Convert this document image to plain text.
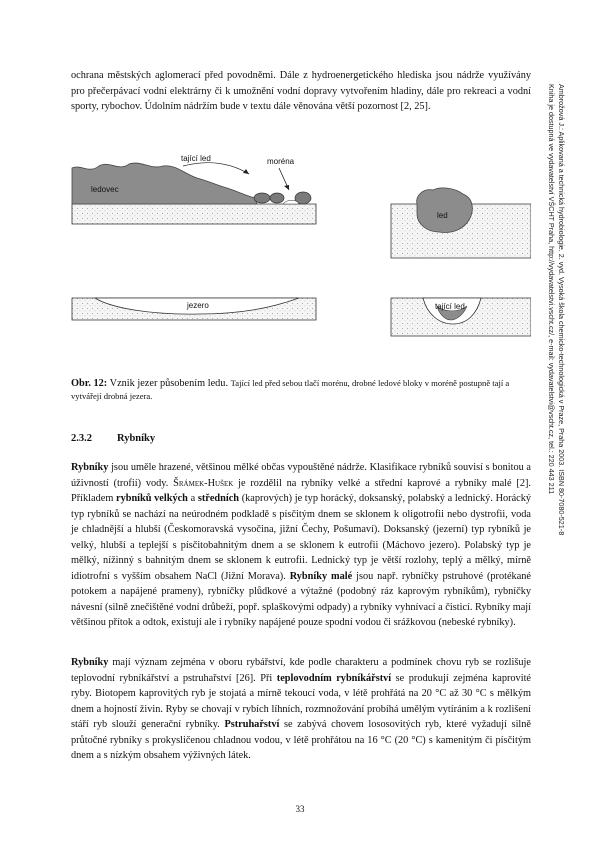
ochrana městských aglomerací před povodněmi. Dále z hydroenergetického hlediska jsou nádrže využívány pro přečerpávací vodní elektrárny či k umožnění vodní dopravy vytvořením hladiny, dále pro rekreaci a vodní sporty, rybochov. Údolním nádržím bude v textu dále věnována větší pozornost [2, 25].

tající led	moréna
ledovec
led
jezero	tající led
Obr. 12: Vznik jezer působením ledu. Tající led před sebou tlačí morénu, drobné ledové bloky v moréně postupně tají a vytvářejí drobná jezera.
2.3.2 Rybníky

Rybníky jsou uměle hrazené, většinou mělké občas vypouštěné nádrže. Klasifikace rybníků souvisí s bonitou a úživností (trofií) vody. Šrámek-Hušek je rozdělil na rybníky velké a střední kaprové a rybníky malé [2]. Příkladem rybníků velkých a středních (kaprových) je typ horácký, doksanský, polabský a lednický. Horácký typ rybníků se nachází na neúrodném podkladě s písčitým dnem se sklonem k oligotrofii nebo dystrofii, voda je chladnější a hlubší (Českomoravská vysočina, jižní Čechy, Pošumaví). Doksanský (jezerní) typ rybníků je velký, hlubší a teplejší s písčitobahnitým dnem a se sklonem k eutrofii (Máchovo jezero). Polabský typ je mělký, nížinný s bahnitým dnem se sklonem k eutrofii. Lednický typ je větší rozlohy, teplý a mělký, mírně idiotrofní s vyšším obsahem NaCl (Jižní Morava). Rybníky malé jsou např. rybníčky pstruhové (protékané potokem a napájené prameny), rybníčky plůdkové a výtažné (podobný ráz kaprovým rybníkům), rybníčky návesní (silně znečištěné vodní drůbeží, popř. splaškovými odpady) a rybníky vyhnívací a čisticí. Rybníky mají většinou přítok a odtok, existují ale i rybníky napájené pouze spodní vodou či srážkovou (nebeské rybníky).

Rybníky mají význam zejména v oboru rybářství, kde podle charakteru a podmínek chovu ryb se rozlišuje teplovodní rybníkářství a pstruhařství [26]. Při teplovodním rybníkářství se produkují zejména kaprovité ryby. Biotopem kaprovitých ryb je stojatá a mírně tekoucí voda, v létě prohřátá na 20 °C až 30 °C s mělkým dnem a hojností živin. Ryby se chovají v rybích líhních, rozmnožování probíhá umělým vytíráním a k rozlišení stáří ryb slouží generační rybníky. Pstruhařství se zabývá chovem lososovitých ryb, které vyžadují silně průtočné rybníky s prokysličenou chladnou vodou, v létě prohřátou na 16 °C (20 °C) s kamenitým či písčitým dnem a s nízkým obsahem výživných látek.

33
Ambrožová J.: Aplikovaná a technická hydrobiologie. 2. vyd. Vysoká škola chemicko-technologická v Praze, Praha 2003. ISBN 80-7080-521-8
Kniha je dostupná ve vydavatelství VŠCHT Praha, http://vydavatelstvi.vscht.cz/, e-mail: vydavatelstvi@vscht.cz, tel.: 220 443 211
